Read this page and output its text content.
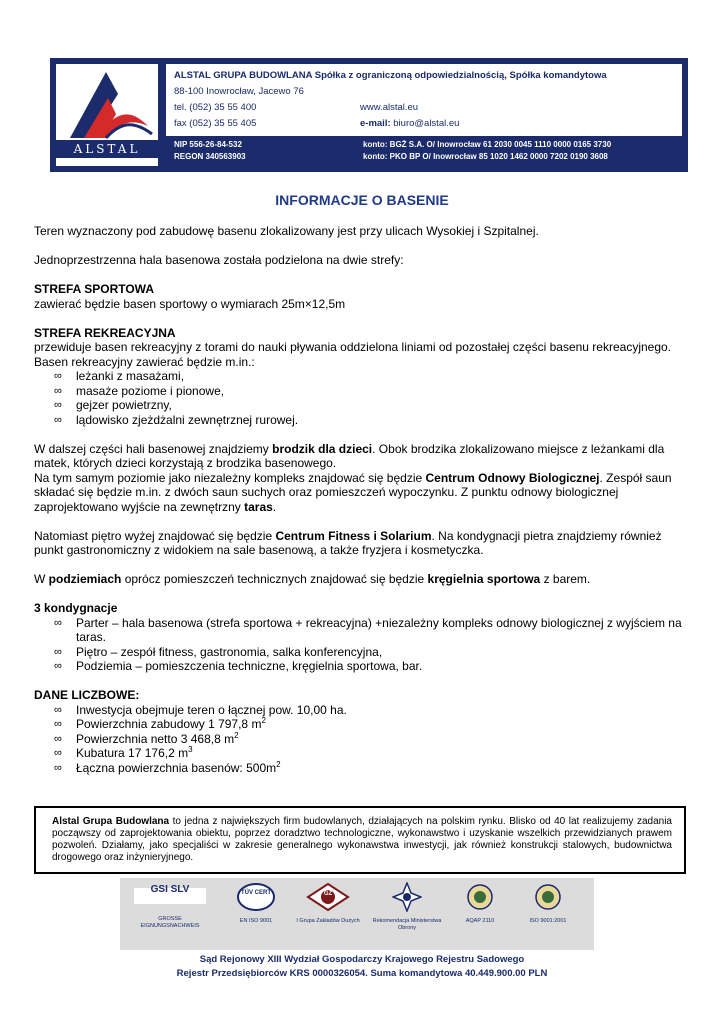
ALSTAL
ALSTAL GRUPA BUDOWLANA Spółka z ograniczoną odpowiedzialnością, Spółka komandytowa
88-100 Inowrocław, Jacewo 76
tel. (052) 35 55 400
fax (052) 35 55 405
www.alstal.eu
e-mail: biuro@alstal.eu
NIP 556-26-84-532
REGON 340563903
konto: BGŻ S.A. O/ Inowrocław 61 2030 0045 1110 0000 0165 3730
konto: PKO BP O/ Inowrocław 85 1020 1462 0000 7202 0190 3608
INFORMACJE O BASENIE

Teren wyznaczony pod zabudowę basenu zlokalizowany jest przy ulicach Wysokiej i Szpitalnej.

Jednoprzestrzenna hala basenowa została podzielona na dwie strefy:

STREFA SPORTOWA

zawierać będzie basen sportowy o wymiarach 25m×12,5m

STREFA REKREACYJNA

przewiduje basen rekreacyjny z torami do nauki pływania oddzielona liniami od pozostałej części basenu rekreacyjnego.

Basen rekreacyjny zawierać będzie m.in.:

∞ leżanki z masażami,
∞ masaże poziome i pionowe,
∞ gejzer powietrzny,
∞ lądowisko zjeżdżalni zewnętrznej rurowej.

W dalszej części hali basenowej znajdziemy brodzik dla dzieci. Obok brodzika zlokalizowano miejsce z leżankami dla matek, których dzieci korzystają z brodzika basenowego.

Na tym samym poziomie jako niezależny kompleks znajdować się będzie Centrum Odnowy Biologicznej. Zespół saun składać się będzie m.in. z dwóch saun suchych oraz pomieszczeń wypoczynku. Z punktu odnowy biologicznej zaprojektowano wyjście na zewnętrzny taras.

Natomiast piętro wyżej znajdować się będzie Centrum Fitness i Solarium. Na kondygnacji pietra znajdziemy również punkt gastronomiczny z widokiem na sale basenową, a także fryzjera i kosmetyczka.

W podziemiach oprócz pomieszczeń technicznych znajdować się będzie kręgielnia sportowa z barem.

3 kondygnacje

∞ Parter – hala basenowa (strefa sportowa + rekreacyjna) +niezależny kompleks odnowy biologicznej z wyjściem na taras.
∞ Piętro – zespół fitness, gastronomia, salka konferencyjna,
∞ Podziemia – pomieszczenia techniczne, kręgielnia sportowa, bar.

DANE LICZBOWE:

∞ Inwestycja obejmuje teren o łącznej pow. 10,00 ha.
∞ Powierzchnia zabudowy 1 797,8 $m^2$
∞ Powierzchnia netto 3 468,8 $m^2$
∞ Kubatura 17 176,2 $m^3$
∞ Łączna powierzchnia basenów: $500m^2$

Alstal Grupa Budowlana to jedna z największych firm budowlanych, działających na polskim rynku. Blisko od 40 lat realizujemy zadania począwszy od zaprojektowania obiektu, poprzez doradztwo technologiczne, wykonawstwo i uzyskanie wszelkich przewidzianych prawem pozwoleń. Działamy, jako specjaliści w zakresie generalnego wykonawstwa inwestycji, jak również konstrukcji stalowych, budownictwa drogowego oraz inżynieryjnego.

GROSSE EIGNUNGSNACHWEIS
EN ISO 9001	I Grupa Zakładów Dużych Rekomendacja Ministerstwa Obrony
AQAP 2110	ISO 9001:2001
Sąd Rejonowy XIII Wydział Gospodarczy Krajowego Rejestru Sadowego
Rejestr Przedsiębiorców KRS 0000326054. Suma komandytowa 40.449.900.00 PLN
